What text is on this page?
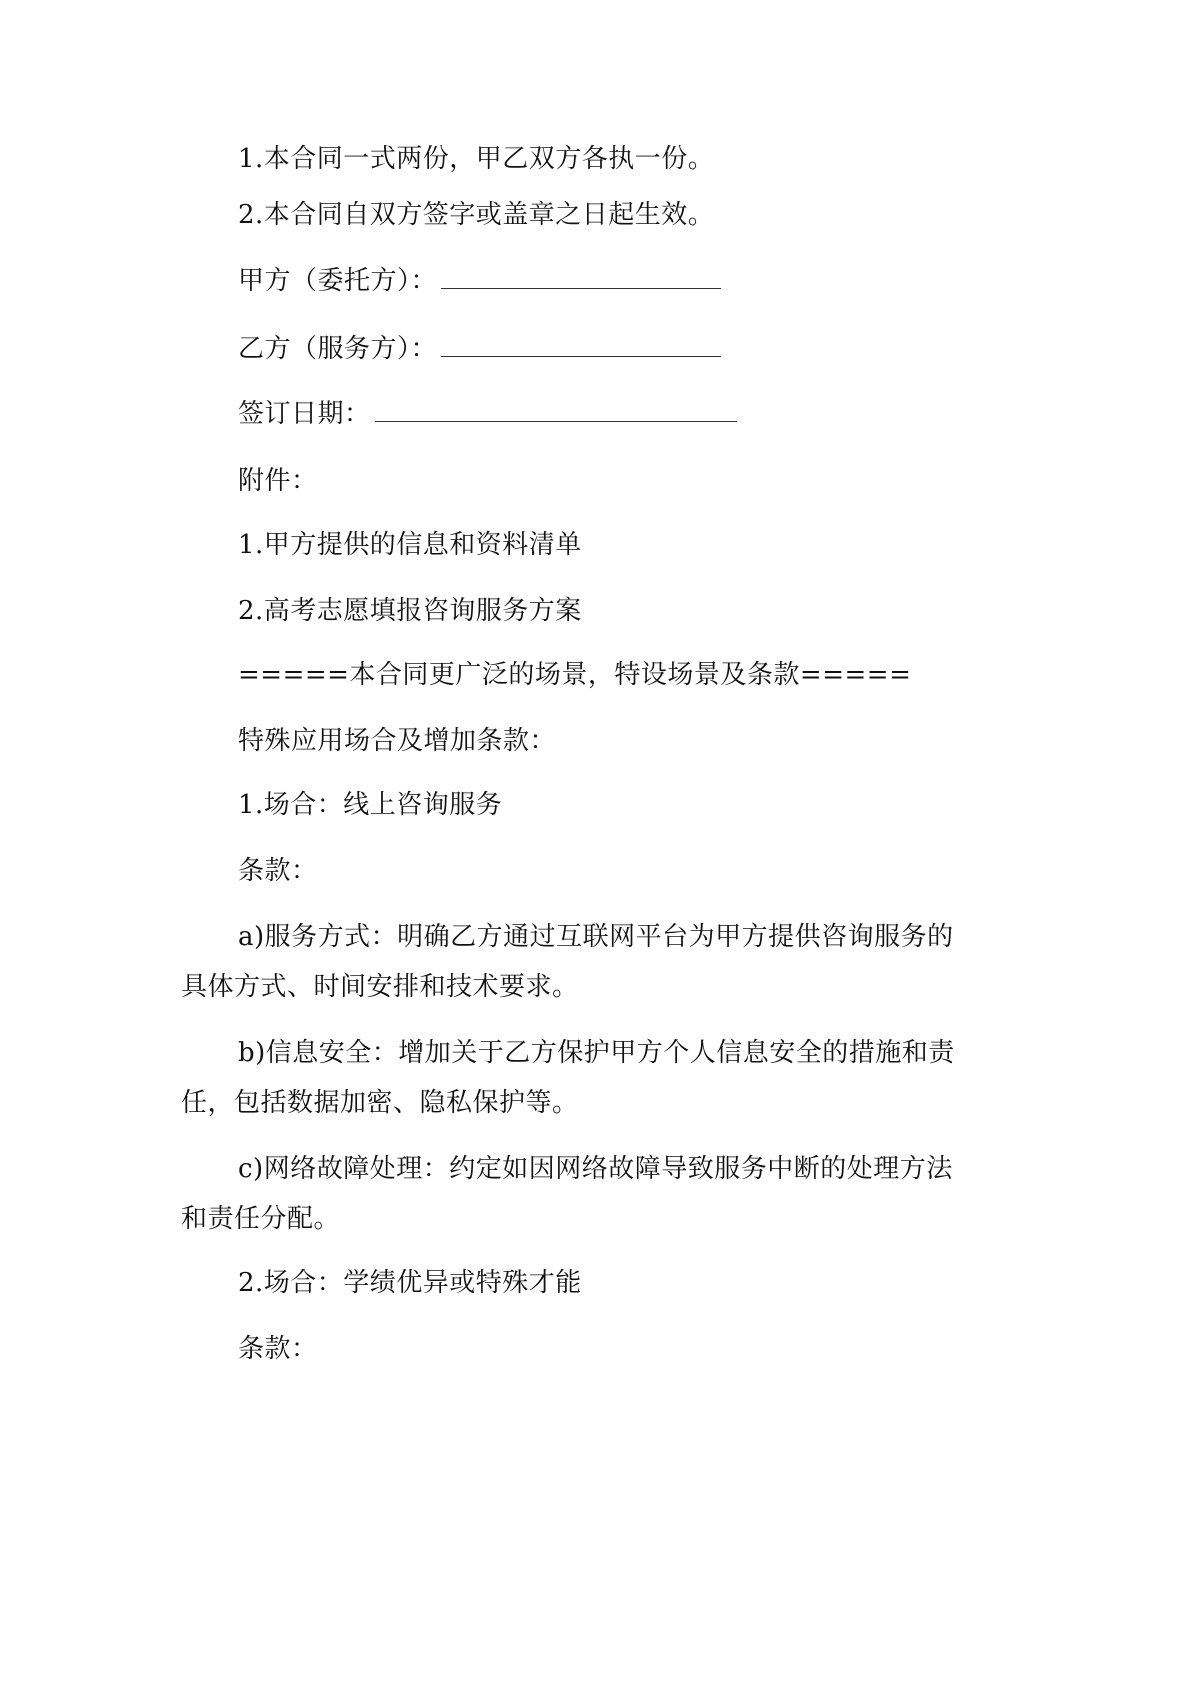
1.本合同一式两份，甲乙双方各执一份。
2.本合同自双方签字或盖章之日起生效。
甲方（委托方）：
乙方（服务方）：
签订日期：
附件：
1.甲方提供的信息和资料清单
2.高考志愿填报咨询服务方案
=====本合同更广泛的场景，特设场景及条款=====
特殊应用场合及增加条款：
1.场合：线上咨询服务
条款：
a)服务方式：明确乙方通过互联网平台为甲方提供咨询服务的
具体方式、时间安排和技术要求。
b)信息安全：增加关于乙方保护甲方个人信息安全的措施和责
任，包括数据加密、隐私保护等。
c)网络故障处理：约定如因网络故障导致服务中断的处理方法
和责任分配。
2.场合：学绩优异或特殊才能
条款：
